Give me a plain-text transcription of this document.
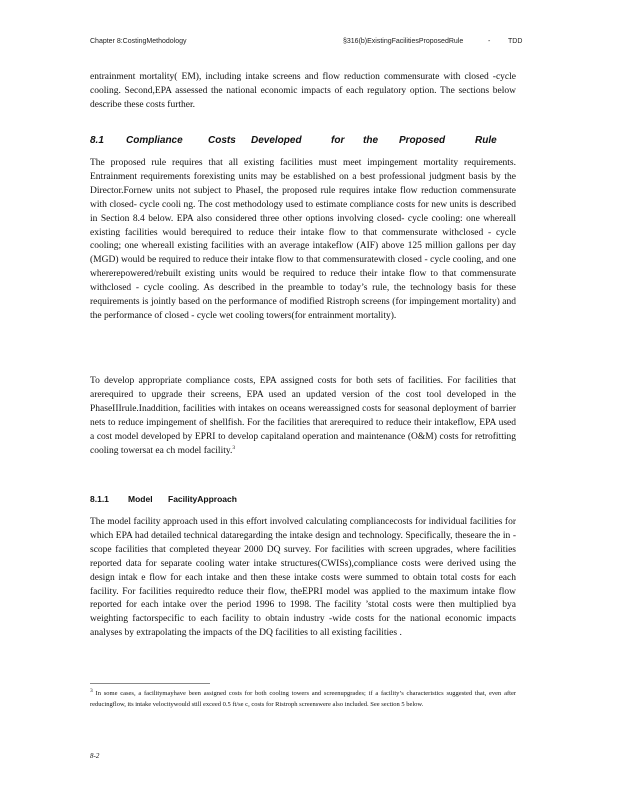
Chapter 8:CostingMethodology	§316(b)ExistingFacilitiesProposedRule	-	TDD

entrainment mortality( EM), including intake screens and flow reduction commensurate with closed -cycle cooling. Second,EPA assessed the national economic impacts of each regulatory option. The sections below describe these costs further.

8.1 Compliance	Costs Developed	for the Proposed	Rule

The proposed rule requires that all existing facilities must meet impingement mortality requirements. Entrainment requirements forexisting units may be established on a best professional judgment basis by the Director.Fornew units not subject to PhaseI, the proposed rule requires intake flow reduction commensurate with closed- cycle cooli ng. The cost methodology used to estimate compliance costs for new units is described in Section 8.4 below. EPA also considered three other options involving closed- cycle cooling: one whereall existing facilities would berequired to reduce their intake flow to that commensurate withclosed - cycle cooling; one whereall existing facilities with an average intakeflow (AIF) above 125 million gallons per day (MGD) would be required to reduce their intake flow to that commensuratewith closed - cycle cooling, and one whererepowered/rebuilt existing units would be required to reduce their intake flow to that commensurate withclosed - cycle cooling. As described in the preamble to today’s rule, the technology basis for these requirements is jointly based on the performance of modified Ristroph screens (for impingement mortality) and the performance of closed - cycle wet cooling towers(for entrainment mortality).

To develop appropriate compliance costs, EPA assigned costs for both sets of facilities. For facilities that arerequired to upgrade their screens, EPA used an updated version of the cost tool developed in the PhaseIIIrule.Inaddition, facilities with intakes on oceans wereassigned costs for seasonal deployment of barrier nets to reduce impingement of shellfish. For the facilities that arerequired to reduce their intakeflow, EPA used a cost model developed by EPRI to develop capitaland operation and maintenance (O&M) costs for retrofitting cooling towersat ea ch model facility.$^3$

8.1.1 Model FacilityApproach

The model facility approach used in this effort involved calculating compliancecosts for individual facilities for which EPA had detailed technical dataregarding the intake design and technology. Specifically, theseare the in - scope facilities that completed theyear 2000 DQ survey. For facilities with screen upgrades, where facilities reported data for separate cooling water intake structures(CWISs),compliance costs were derived using the design intak e flow for each intake and then these intake costs were summed to obtain total costs for each facility. For facilities requiredto reduce their flow, theEPRI model was applied to the maximum intake flow reported for each intake over the period 1996 to 1998. The facility ’stotal costs were then multiplied bya weighting factorspecific to each facility to obtain industry -wide costs for the national economic impacts analyses by extrapolating the impacts of the DQ facilities to all existing facilities .

$^3$ In some cases, a facilitymayhave been assigned costs for both cooling towers and screenupgrades; if a facility’s characteristics suggested that, even after reducingflow, its intake velocitywould still exceed 0.5 ft/se c, costs for Ristroph screenswere also included. See section 5 below.

8-2
